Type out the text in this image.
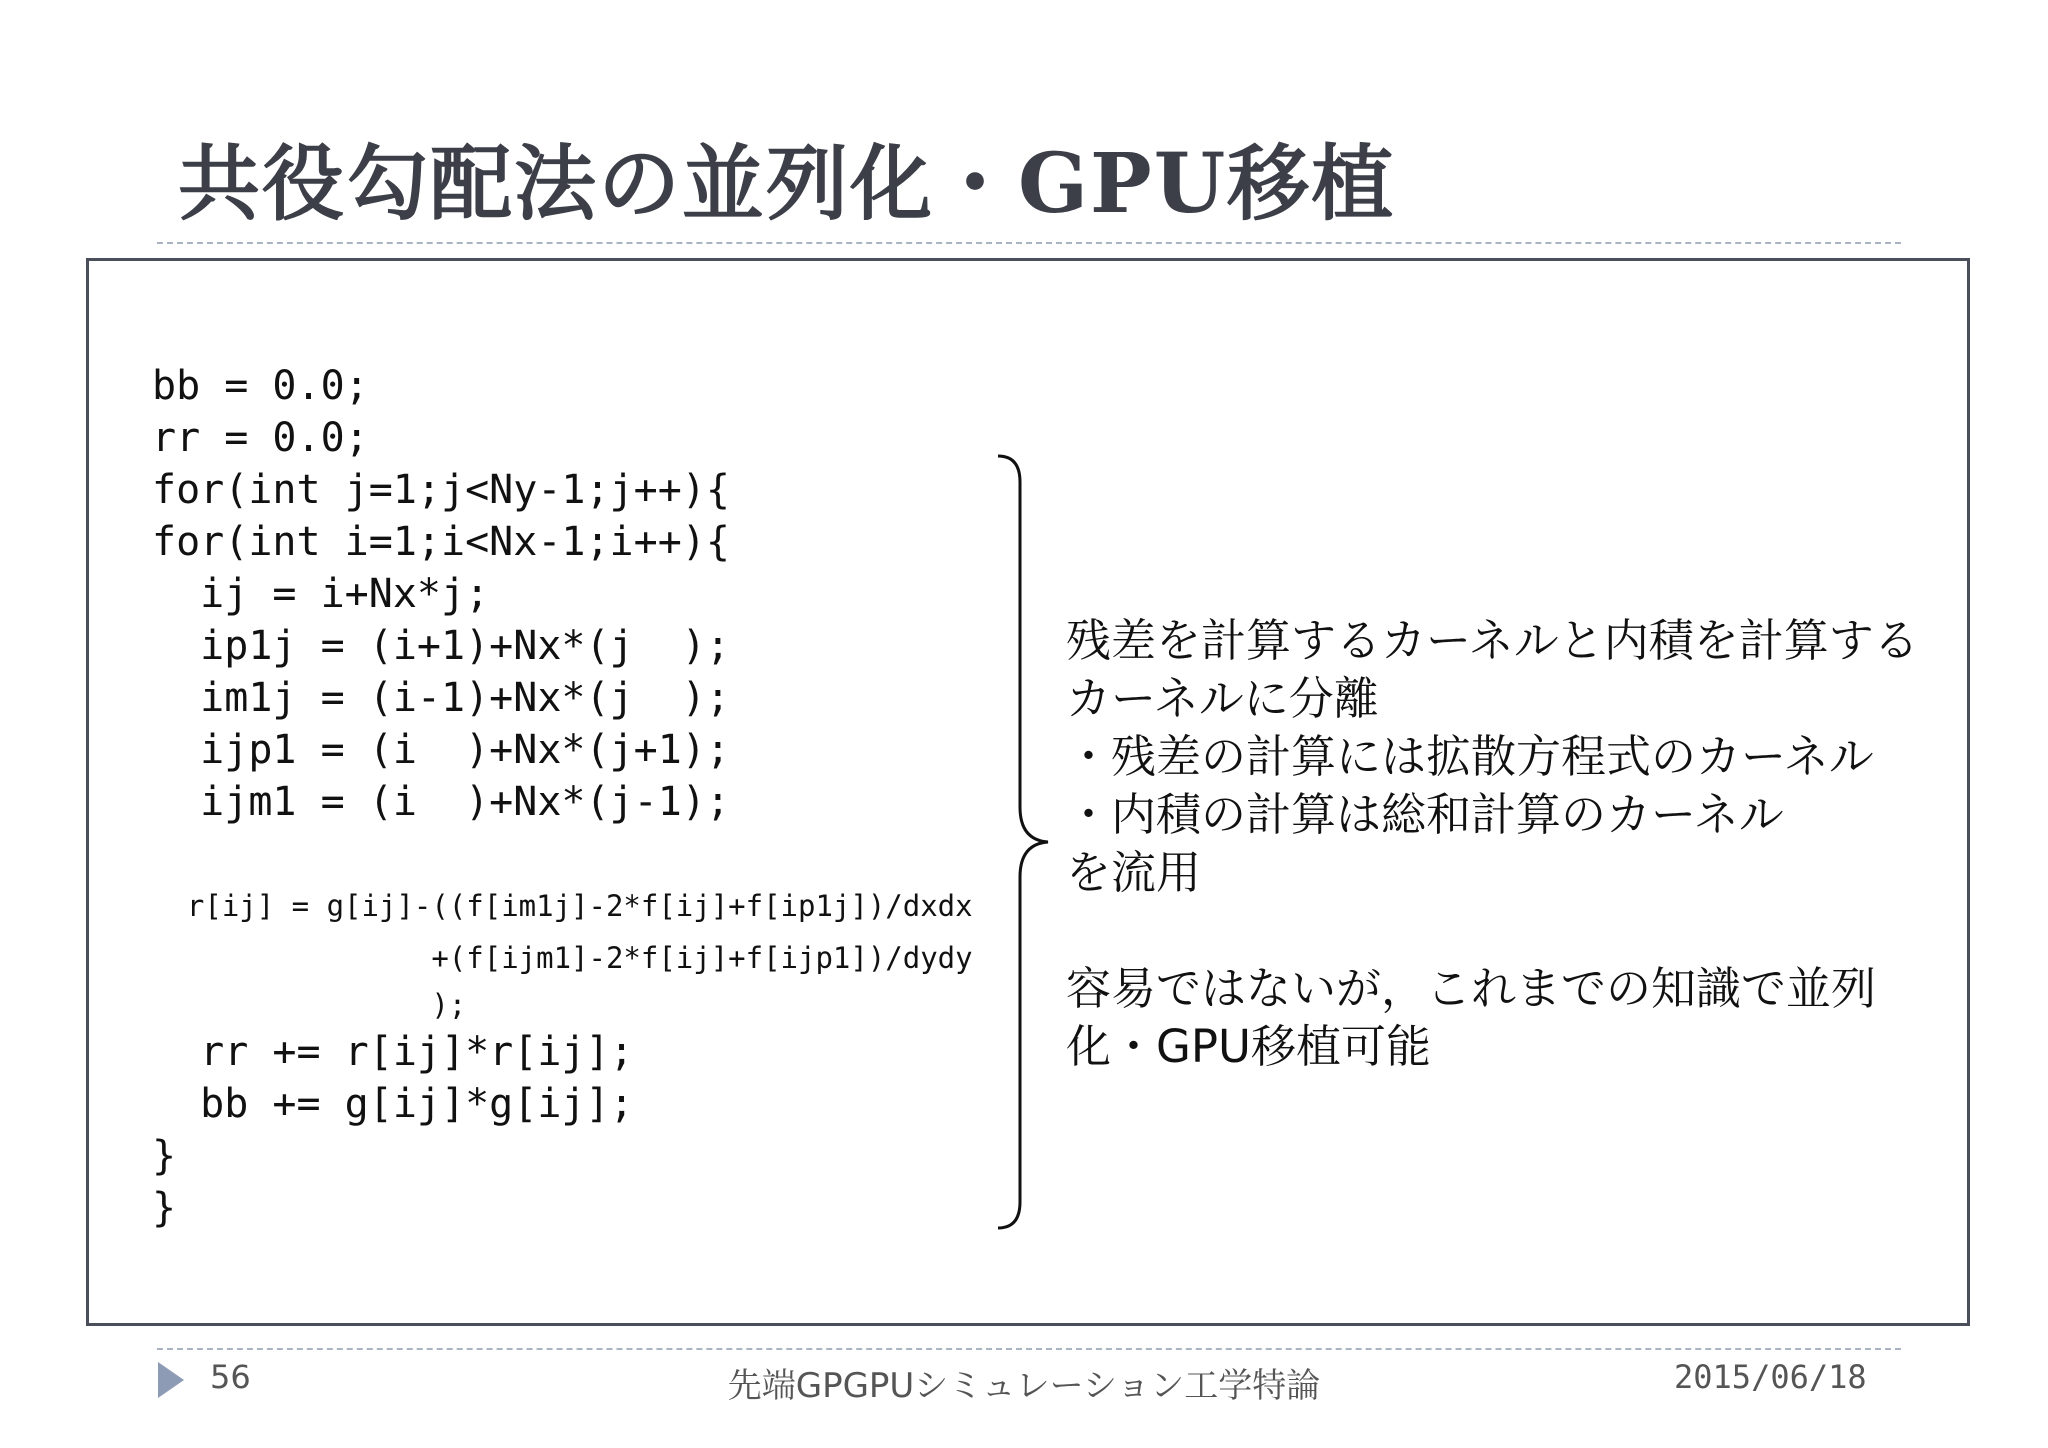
共役勾配法の並列化・GPU移植
bb = 0.0;
rr = 0.0;
for(int j=1;j<Ny-1;j++){
for(int i=1;i<Nx-1;i++){
ij = i+Nx*j;
ip1j = (i+1)+Nx*(j  );
im1j = (i-1)+Nx*(j  );
ijp1 = (i  )+Nx*(j+1);
ijm1 = (i  )+Nx*(j-1);
r[ij] = g[ij]-((f[im1j]-2*f[ij]+f[ip1j])/dxdx
+(f[ijm1]-2*f[ij]+f[ijp1])/dydy
);
rr += r[ij]*r[ij];
bb += g[ij]*g[ij];
}
}
残差を計算するカーネルと内積を計算する
カーネルに分離
・残差の計算には拡散方程式のカーネル
・内積の計算は総和計算のカーネル
を流用
容易ではないが，これまでの知識で並列
化・GPU移植可能
56	先端GPGPUシミュレーション工学特論	2015/06/18
